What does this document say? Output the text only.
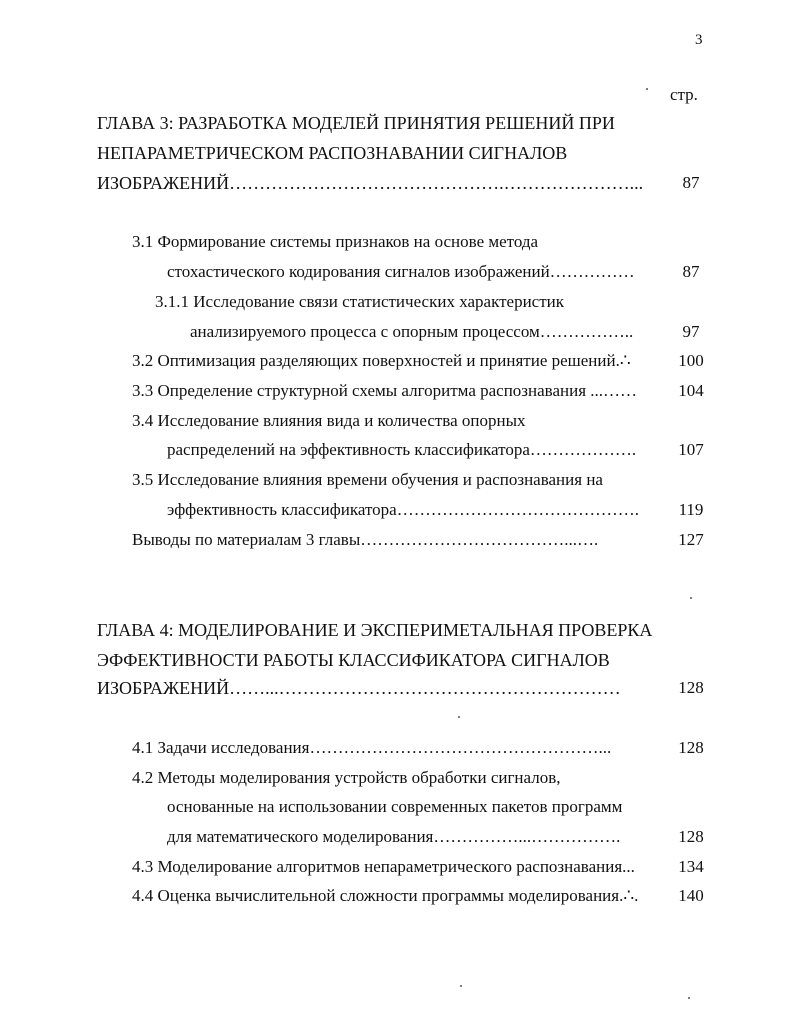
3
стр.
ГЛАВА 3: РАЗРАБОТКА МОДЕЛЕЙ ПРИНЯТИЯ РЕШЕНИЙ ПРИ
НЕПАРАМЕТРИЧЕСКОМ РАСПОЗНАВАНИИ СИГНАЛОВ
ИЗОБРАЖЕНИЙ……………………………………….…………………...	87
3.1 Формирование системы признаков на основе метода
стохастического кодирования сигналов изображений……………	87
3.1.1 Исследование связи статистических характеристик
анализируемого процесса с опорным процессом……………..	97
3.2 Оптимизация разделяющих поверхностей и принятие решений.∴	100
3.3 Определение структурной схемы алгоритма распознавания ...…… 104
3.4 Исследование влияния вида и количества опорных
распределений на эффективность классификатора………………. 107
3.5 Исследование влияния времени обучения и распознавания на
эффективность классификатора……………………………………. 119
Выводы по материалам 3 главы………………………………...….	127
ГЛАВА 4: МОДЕЛИРОВАНИЕ И ЭКСПЕРИМЕТАЛЬНАЯ ПРОВЕРКА
ЭФФЕКТИВНОСТИ РАБОТЫ КЛАССИФИКАТОРА СИГНАЛОВ
ИЗОБРАЖЕНИЙ……...…………………………………………………	128
4.1 Задачи исследования……………………………………………...	128
4.2 Методы моделирования устройств обработки сигналов,
основанные на использовании современных пакетов программ
для математического моделирования……………...…………….	128
4.3 Моделирование алгоритмов непараметрического распознавания...	134
4.4 Оценка вычислительной сложности программы моделирования.∴. 140
